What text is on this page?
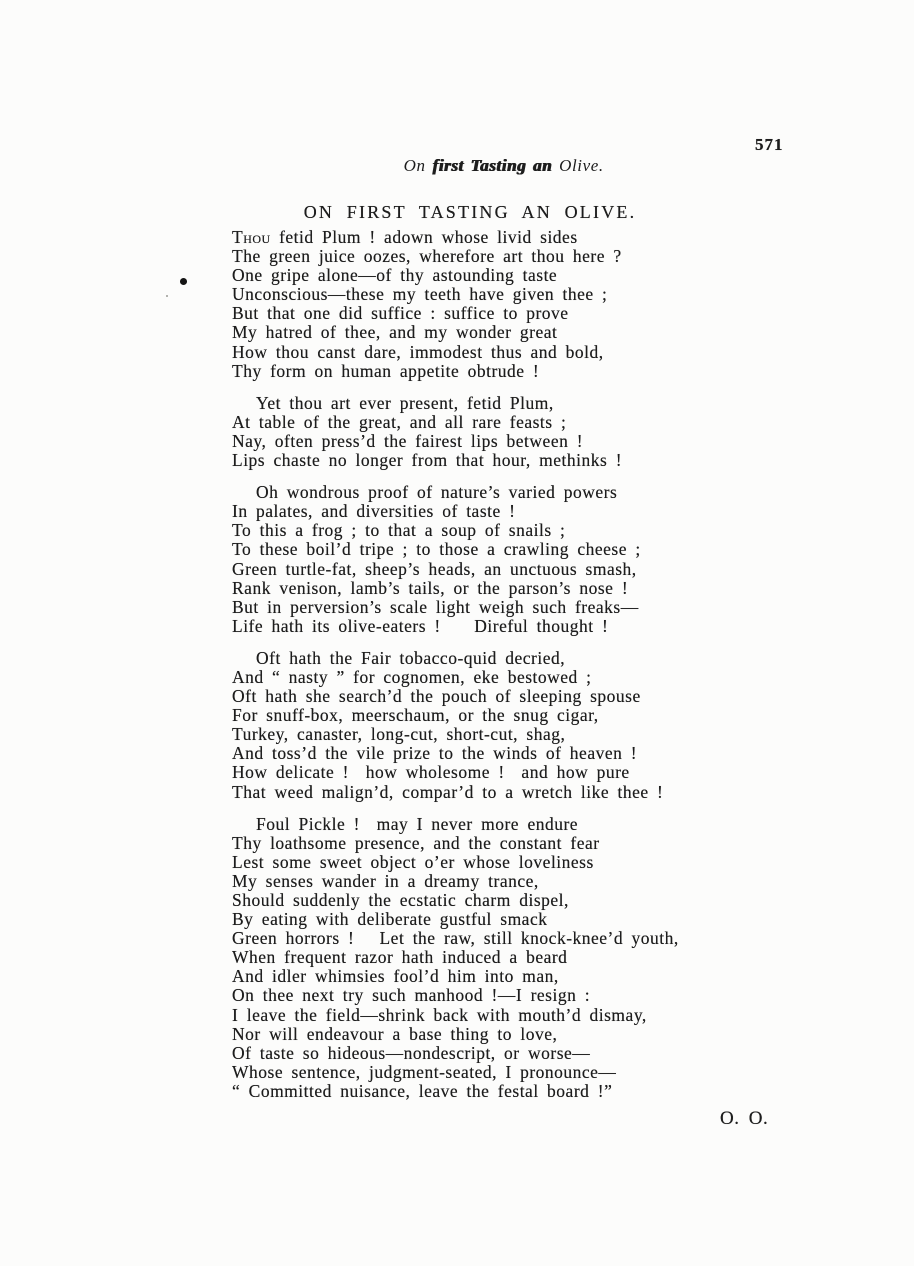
On first Tasting an Olive.

571
ON FIRST TASTING AN OLIVE.
Thou fetid Plum ! adown whose livid sides
The green juice oozes, wherefore art thou here ?
One gripe alone—of thy astounding taste
Unconscious—these my teeth have given thee ;
But that one did suffice : suffice to prove
My hatred of thee, and my wonder great
How thou canst dare, immodest thus and bold,
Thy form on human appetite obtrude !
Yet thou art ever present, fetid Plum,
At table of the great, and all rare feasts ;
Nay, often press’d the fairest lips between !
Lips chaste no longer from that hour, methinks !
Oh wondrous proof of nature’s varied powers
In palates, and diversities of taste !
To this a frog ; to that a soup of snails ;
To these boil’d tripe ; to those a crawling cheese ;
Green turtle-fat, sheep’s heads, an unctuous smash,
Rank venison, lamb’s tails, or the parson’s nose !
But in perversion’s scale light weigh such freaks—
Life hath its olive-eaters !    Direful thought !
Oft hath the Fair tobacco-quid decried,
And “ nasty ” for cognomen, eke bestowed ;
Oft hath she search’d the pouch of sleeping spouse
For snuff-box, meerschaum, or the snug cigar,
Turkey, canaster, long-cut, short-cut, shag,
And toss’d the vile prize to the winds of heaven !
How delicate !  how wholesome !  and how pure
That weed malign’d, compar’d to a wretch like thee !
Foul Pickle !  may I never more endure
Thy loathsome presence, and the constant fear
Lest some sweet object o’er whose loveliness
My senses wander in a dreamy trance,
Should suddenly the ecstatic charm dispel,
By eating with deliberate gustful smack
Green horrors !   Let the raw, still knock-knee’d youth,
When frequent razor hath induced a beard
And idler whimsies fool’d him into man,
On thee next try such manhood !—I resign :
I leave the field—shrink back with mouth’d dismay,
Nor will endeavour a base thing to love,
Of taste so hideous—nondescript, or worse—
Whose sentence, judgment-seated, I pronounce—
“ Committed nuisance, leave the festal board !”
O. O.
